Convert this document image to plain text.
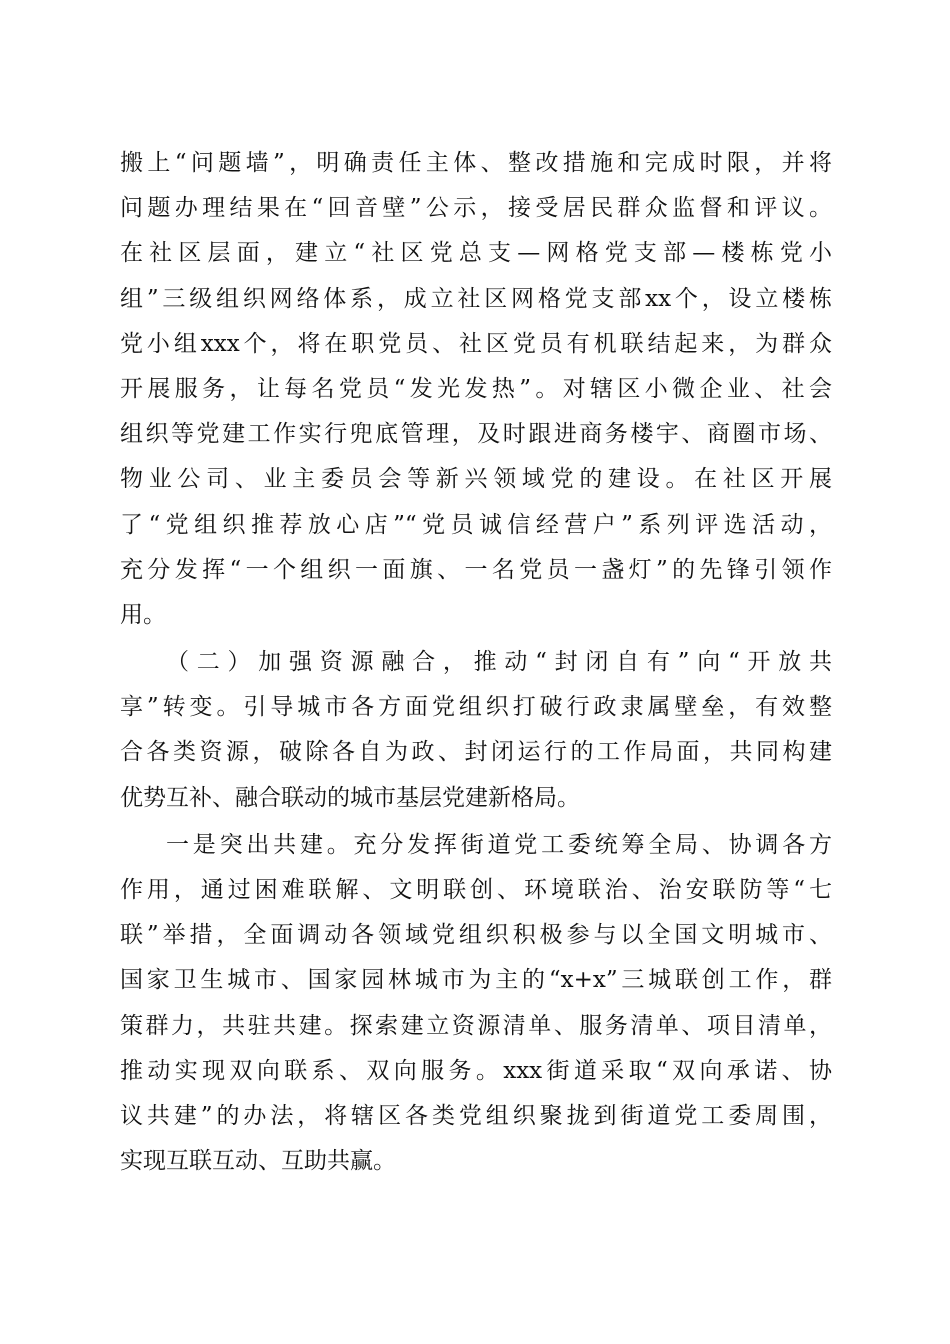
搬上“问题墙”，明确责任主体、整改措施和完成时限，并将
问题办理结果在“回音壁”公示，接受居民群众监督和评议。
在社区层面，建立“社区党总支—网格党支部—楼栋党小
组”三级组织网络体系，成立社区网格党支部xx个，设立楼栋
党小组xxx个，将在职党员、社区党员有机联结起来，为群众
开展服务，让每名党员“发光发热”。对辖区小微企业、社会
组织等党建工作实行兜底管理，及时跟进商务楼宇、商圈市场、
物业公司、业主委员会等新兴领域党的建设。在社区开展
了“党组织推荐放心店”“党员诚信经营户”系列评选活动，
充分发挥“一个组织一面旗、一名党员一盏灯”的先锋引领作
用。
（二）加强资源融合，推动“封闭自有”向“开放共
享”转变。引导城市各方面党组织打破行政隶属壁垒，有效整
合各类资源，破除各自为政、封闭运行的工作局面，共同构建
优势互补、融合联动的城市基层党建新格局。
一是突出共建。充分发挥街道党工委统筹全局、协调各方
作用，通过困难联解、文明联创、环境联治、治安联防等“七
联”举措，全面调动各领域党组织积极参与以全国文明城市、
国家卫生城市、国家园林城市为主的“x+x”三城联创工作，群
策群力，共驻共建。探索建立资源清单、服务清单、项目清单，
推动实现双向联系、双向服务。xxx街道采取“双向承诺、协
议共建”的办法，将辖区各类党组织聚拢到街道党工委周围，
实现互联互动、互助共赢。
